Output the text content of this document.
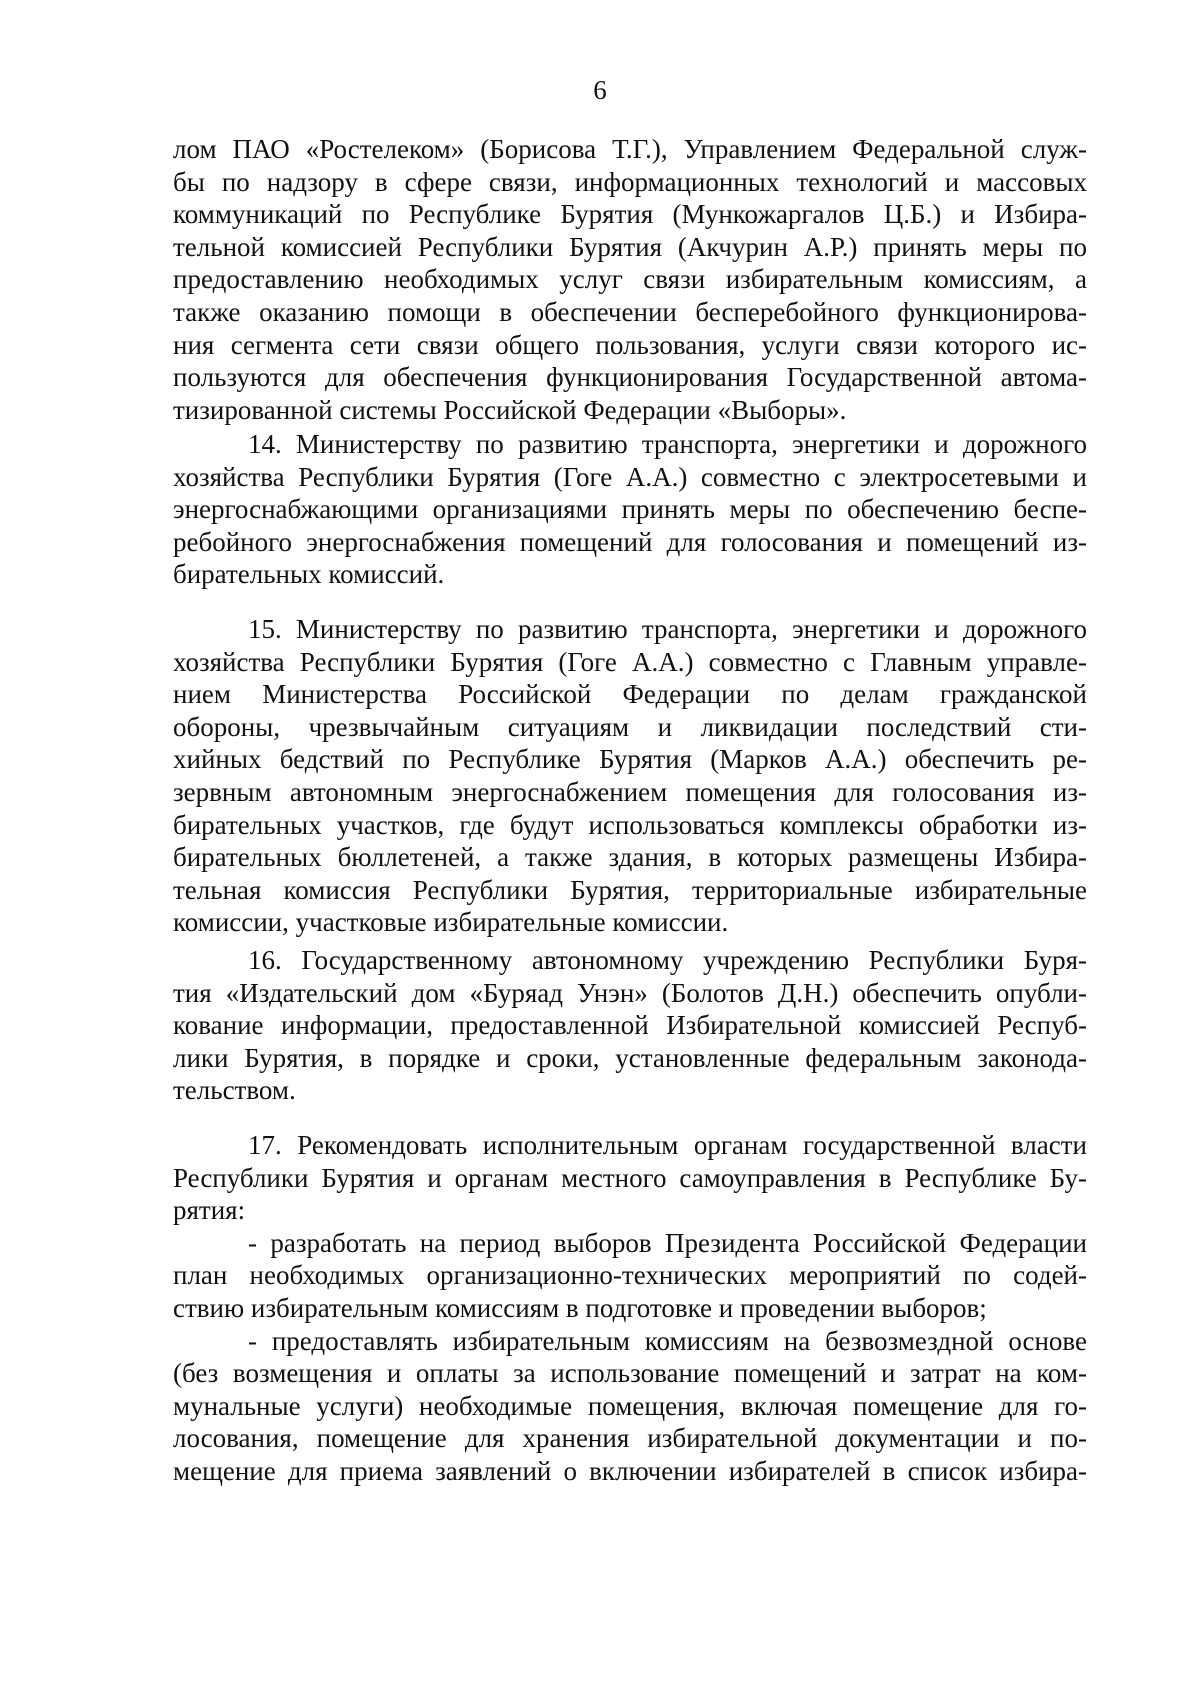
6
лом ПАО «Ростелеком» (Борисова Т.Г.), Управлением Федеральной служ-
бы по надзору в сфере связи, информационных технологий и массовых
коммуникаций по Республике Бурятия (Мункожаргалов Ц.Б.) и Избира-
тельной комиссией Республики Бурятия (Акчурин А.Р.) принять меры по
предоставлению необходимых услуг связи избирательным комиссиям, а
также оказанию помощи в обеспечении бесперебойного функционирова-
ния сегмента сети связи общего пользования, услуги связи которого ис-
пользуются для обеспечения функционирования Государственной автома-
тизированной системы Российской Федерации «Выборы».
14. Министерству по развитию транспорта, энергетики и дорожного
хозяйства Республики Бурятия (Гоге А.А.) совместно с электросетевыми и
энергоснабжающими организациями принять меры по обеспечению беспе-
ребойного энергоснабжения помещений для голосования и помещений из-
бирательных комиссий.
15. Министерству по развитию транспорта, энергетики и дорожного
хозяйства Республики Бурятия (Гоге А.А.) совместно с Главным управле-
нием Министерства Российской Федерации по делам гражданской
обороны, чрезвычайным ситуациям и ликвидации последствий сти-
хийных бедствий по Республике Бурятия (Марков А.А.) обеспечить ре-
зервным автономным энергоснабжением помещения для голосования из-
бирательных участков, где будут использоваться комплексы обработки из-
бирательных бюллетеней, а также здания, в которых размещены Избира-
тельная комиссия Республики Бурятия, территориальные избирательные
комиссии, участковые избирательные комиссии.
16. Государственному автономному учреждению Республики Буря-
тия «Издательский дом «Буряад Унэн» (Болотов Д.Н.) обеспечить опубли-
кование информации, предоставленной Избирательной комиссией Респуб-
лики Бурятия, в порядке и сроки, установленные федеральным законода-
тельством.
17. Рекомендовать исполнительным органам государственной власти
Республики Бурятия и органам местного самоуправления в Республике Бу-
рятия:
- разработать на период выборов Президента Российской Федерации
план необходимых организационно-технических мероприятий по содей-
ствию избирательным комиссиям в подготовке и проведении выборов;
- предоставлять избирательным комиссиям на безвозмездной основе
(без возмещения и оплаты за использование помещений и затрат на ком-
мунальные услуги) необходимые помещения, включая помещение для го-
лосования, помещение для хранения избирательной документации и по-
мещение для приема заявлений о включении избирателей в список избира-
